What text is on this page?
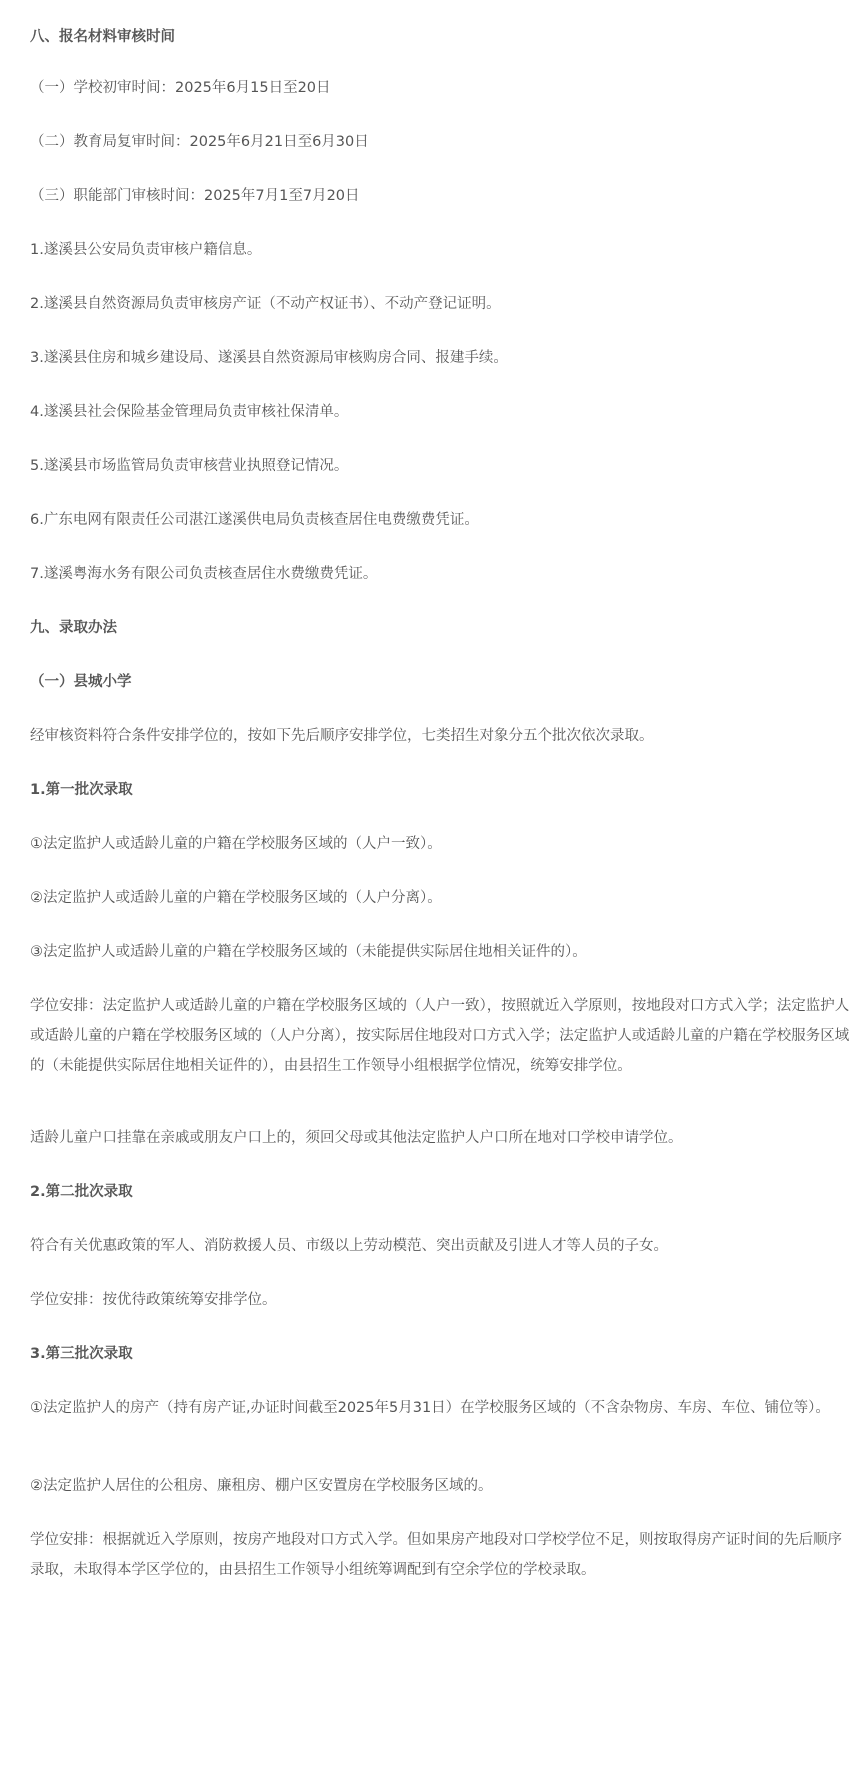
八、报名材料审核时间
（一）学校初审时间：2025年6月15日至20日
（二）教育局复审时间：2025年6月21日至6月30日
（三）职能部门审核时间：2025年7月1至7月20日
1.遂溪县公安局负责审核户籍信息。
2.遂溪县自然资源局负责审核房产证（不动产权证书）、不动产登记证明。
3.遂溪县住房和城乡建设局、遂溪县自然资源局审核购房合同、报建手续。
4.遂溪县社会保险基金管理局负责审核社保清单。
5.遂溪县市场监管局负责审核营业执照登记情况。
6.广东电网有限责任公司湛江遂溪供电局负责核查居住电费缴费凭证。
7.遂溪粤海水务有限公司负责核查居住水费缴费凭证。
九、录取办法
（一）县城小学
经审核资料符合条件安排学位的，按如下先后顺序安排学位，七类招生对象分五个批次依次录取。
1.第一批次录取
①法定监护人或适龄儿童的户籍在学校服务区域的（人户一致）。
②法定监护人或适龄儿童的户籍在学校服务区域的（人户分离）。
③法定监护人或适龄儿童的户籍在学校服务区域的（未能提供实际居住地相关证件的）。
学位安排：法定监护人或适龄儿童的户籍在学校服务区域的（人户一致），按照就近入学原则，按地段对口方式入学；法定监护人或适龄儿童的户籍在学校服务区域的（人户分离），按实际居住地段对口方式入学；法定监护人或适龄儿童的户籍在学校服务区域的（未能提供实际居住地相关证件的），由县招生工作领导小组根据学位情况，统筹安排学位。
适龄儿童户口挂靠在亲戚或朋友户口上的，须回父母或其他法定监护人户口所在地对口学校申请学位。
2.第二批次录取
符合有关优惠政策的军人、消防救援人员、市级以上劳动模范、突出贡献及引进人才等人员的子女。
学位安排：按优待政策统筹安排学位。
3.第三批次录取
①法定监护人的房产（持有房产证,办证时间截至2025年5月31日）在学校服务区域的（不含杂物房、车房、车位、铺位等）。
②法定监护人居住的公租房、廉租房、棚户区安置房在学校服务区域的。
学位安排：根据就近入学原则，按房产地段对口方式入学。但如果房产地段对口学校学位不足，则按取得房产证时间的先后顺序录取，未取得本学区学位的，由县招生工作领导小组统筹调配到有空余学位的学校录取。
